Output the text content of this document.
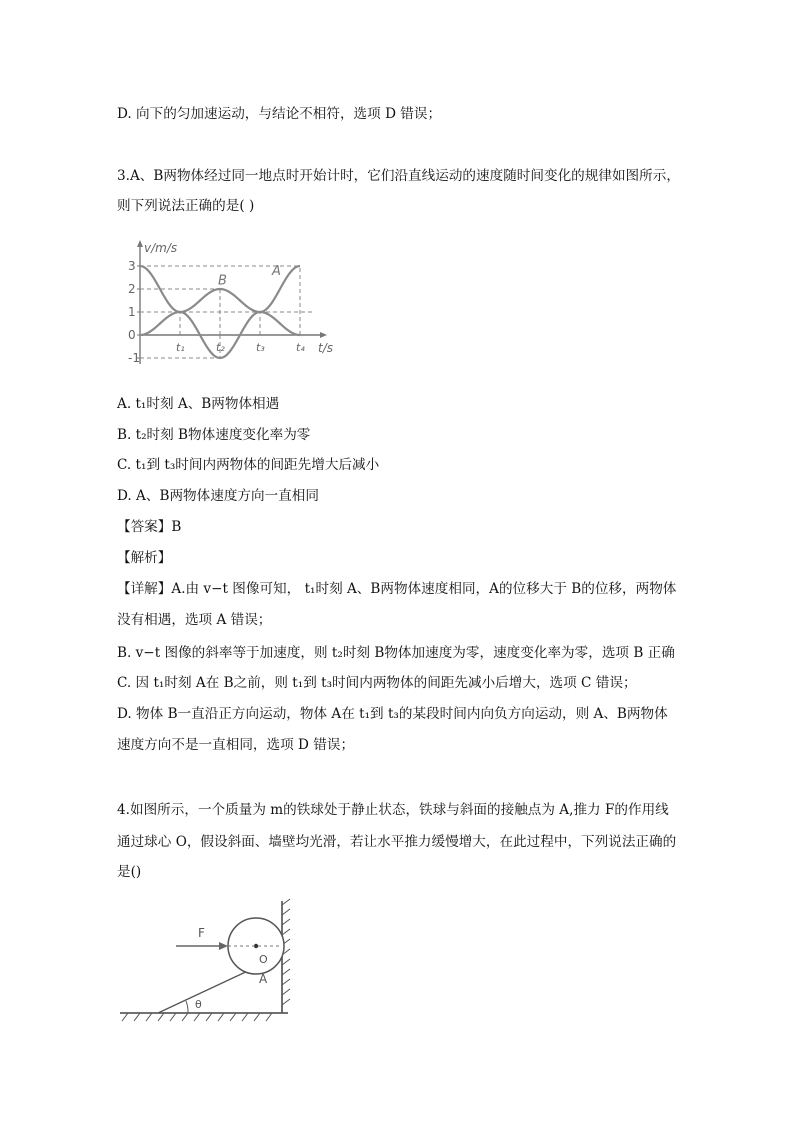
D. 向下的匀加速运动，与结论不相符，选项 D 错误；
3.A、B两物体经过同一地点时开始计时，它们沿直线运动的速度随时间变化的规律如图所示，
则下列说法正确的是( )
3
2
1
0
-1
t₁	t₂	t₃	t₄
v/m/s
t/s
A
B
A. t₁时刻 A、B两物体相遇
B. t₂时刻 B物体速度变化率为零
C. t₁到 t₃时间内两物体的间距先增大后减小
D. A、B两物体速度方向一直相同
【答案】B
【解析】
【详解】A.由 v−t 图像可知， t₁时刻 A、B两物体速度相同，A的位移大于 B的位移，两物体
没有相遇，选项 A 错误；
B. v−t 图像的斜率等于加速度，则 t₂时刻 B物体加速度为零，速度变化率为零，选项 B 正确
C. 因 t₁时刻 A在 B之前，则 t₁到 t₃时间内两物体的间距先减小后增大，选项 C 错误；
D. 物体 B一直沿正方向运动，物体 A在 t₁到 t₃的某段时间内向负方向运动，则 A、B两物体
速度方向不是一直相同，选项 D 错误；
4.如图所示，一个质量为 m的铁球处于静止状态，铁球与斜面的接触点为 A,推力 F的作用线
通过球心 O，假设斜面、墙壁均光滑，若让水平推力缓慢增大，在此过程中，下列说法正确的
是()
F
O
A
θ
